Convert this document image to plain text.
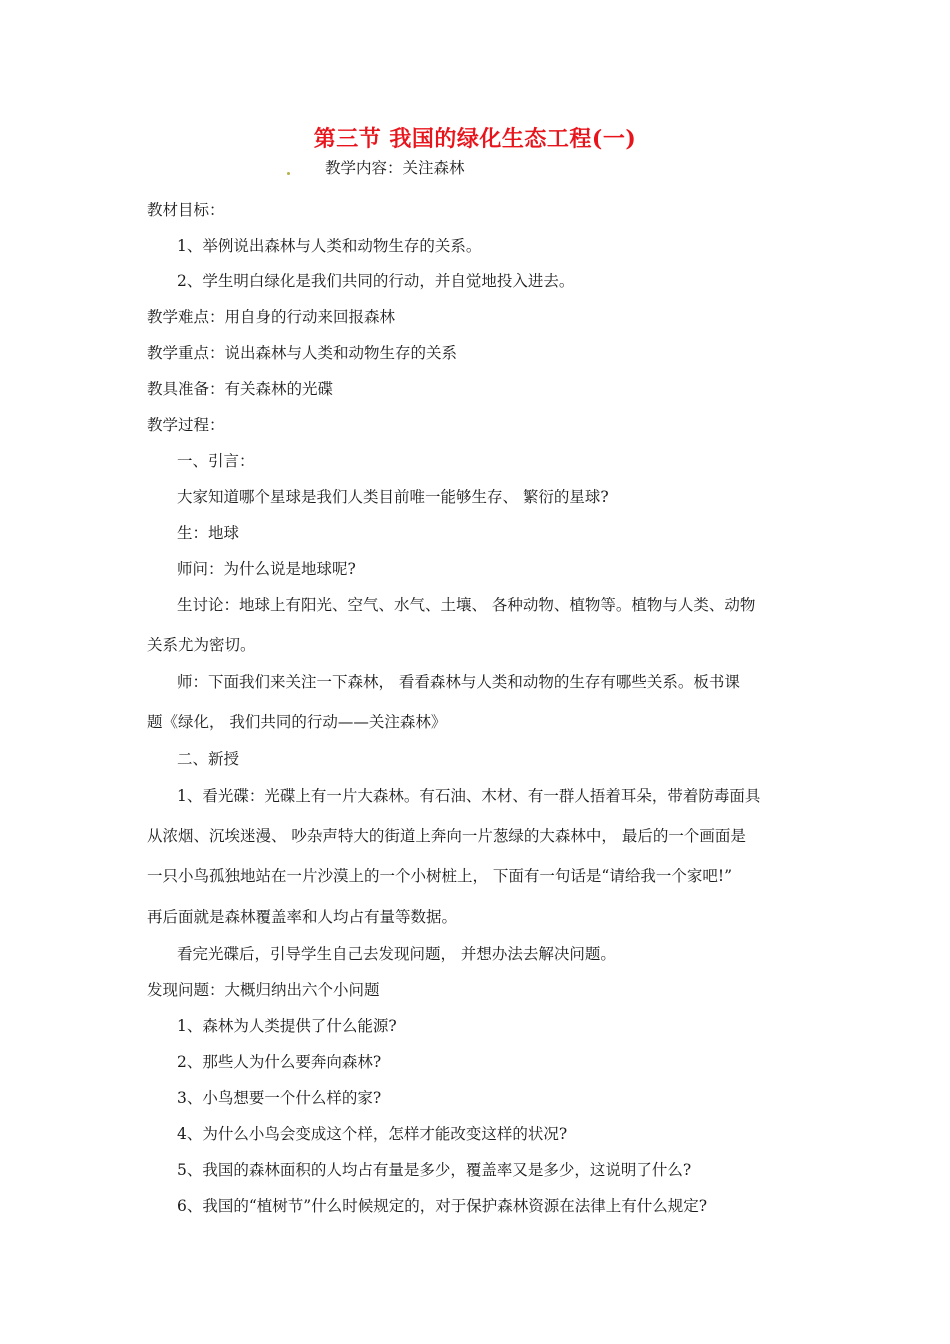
第三节 我国的绿化生态工程(一)
教学内容：关注森林
教材目标：
1、举例说出森林与人类和动物生存的关系。
2、学生明白绿化是我们共同的行动，并自觉地投入进去。
教学难点：用自身的行动来回报森林
教学重点：说出森林与人类和动物生存的关系
教具准备：有关森林的光碟
教学过程：
一、引言：
大家知道哪个星球是我们人类目前唯一能够生存、 繁衍的星球?
生：地球
师问：为什么说是地球呢?
生讨论：地球上有阳光、空气、水气、土壤、 各种动物、植物等。植物与人类、动物
关系尤为密切。
师：下面我们来关注一下森林， 看看森林与人类和动物的生存有哪些关系。板书课
题《绿化， 我们共同的行动——关注森林》
二、新授
1、看光碟：光碟上有一片大森林。有石油、木材、有一群人捂着耳朵，带着防毒面具
从浓烟、沉埃迷漫、 吵杂声特大的街道上奔向一片葱绿的大森林中， 最后的一个画面是
一只小鸟孤独地站在一片沙漠上的一个小树桩上， 下面有一句话是“请给我一个家吧!”
再后面就是森林覆盖率和人均占有量等数据。
看完光碟后，引导学生自己去发现问题， 并想办法去解决问题。
发现问题：大概归纳出六个小问题
1、森林为人类提供了什么能源?
2、那些人为什么要奔向森林?
3、小鸟想要一个什么样的家?
4、为什么小鸟会变成这个样，怎样才能改变这样的状况?
5、我国的森林面积的人均占有量是多少，覆盖率又是多少，这说明了什么?
6、我国的“植树节”什么时候规定的，对于保护森林资源在法律上有什么规定?
